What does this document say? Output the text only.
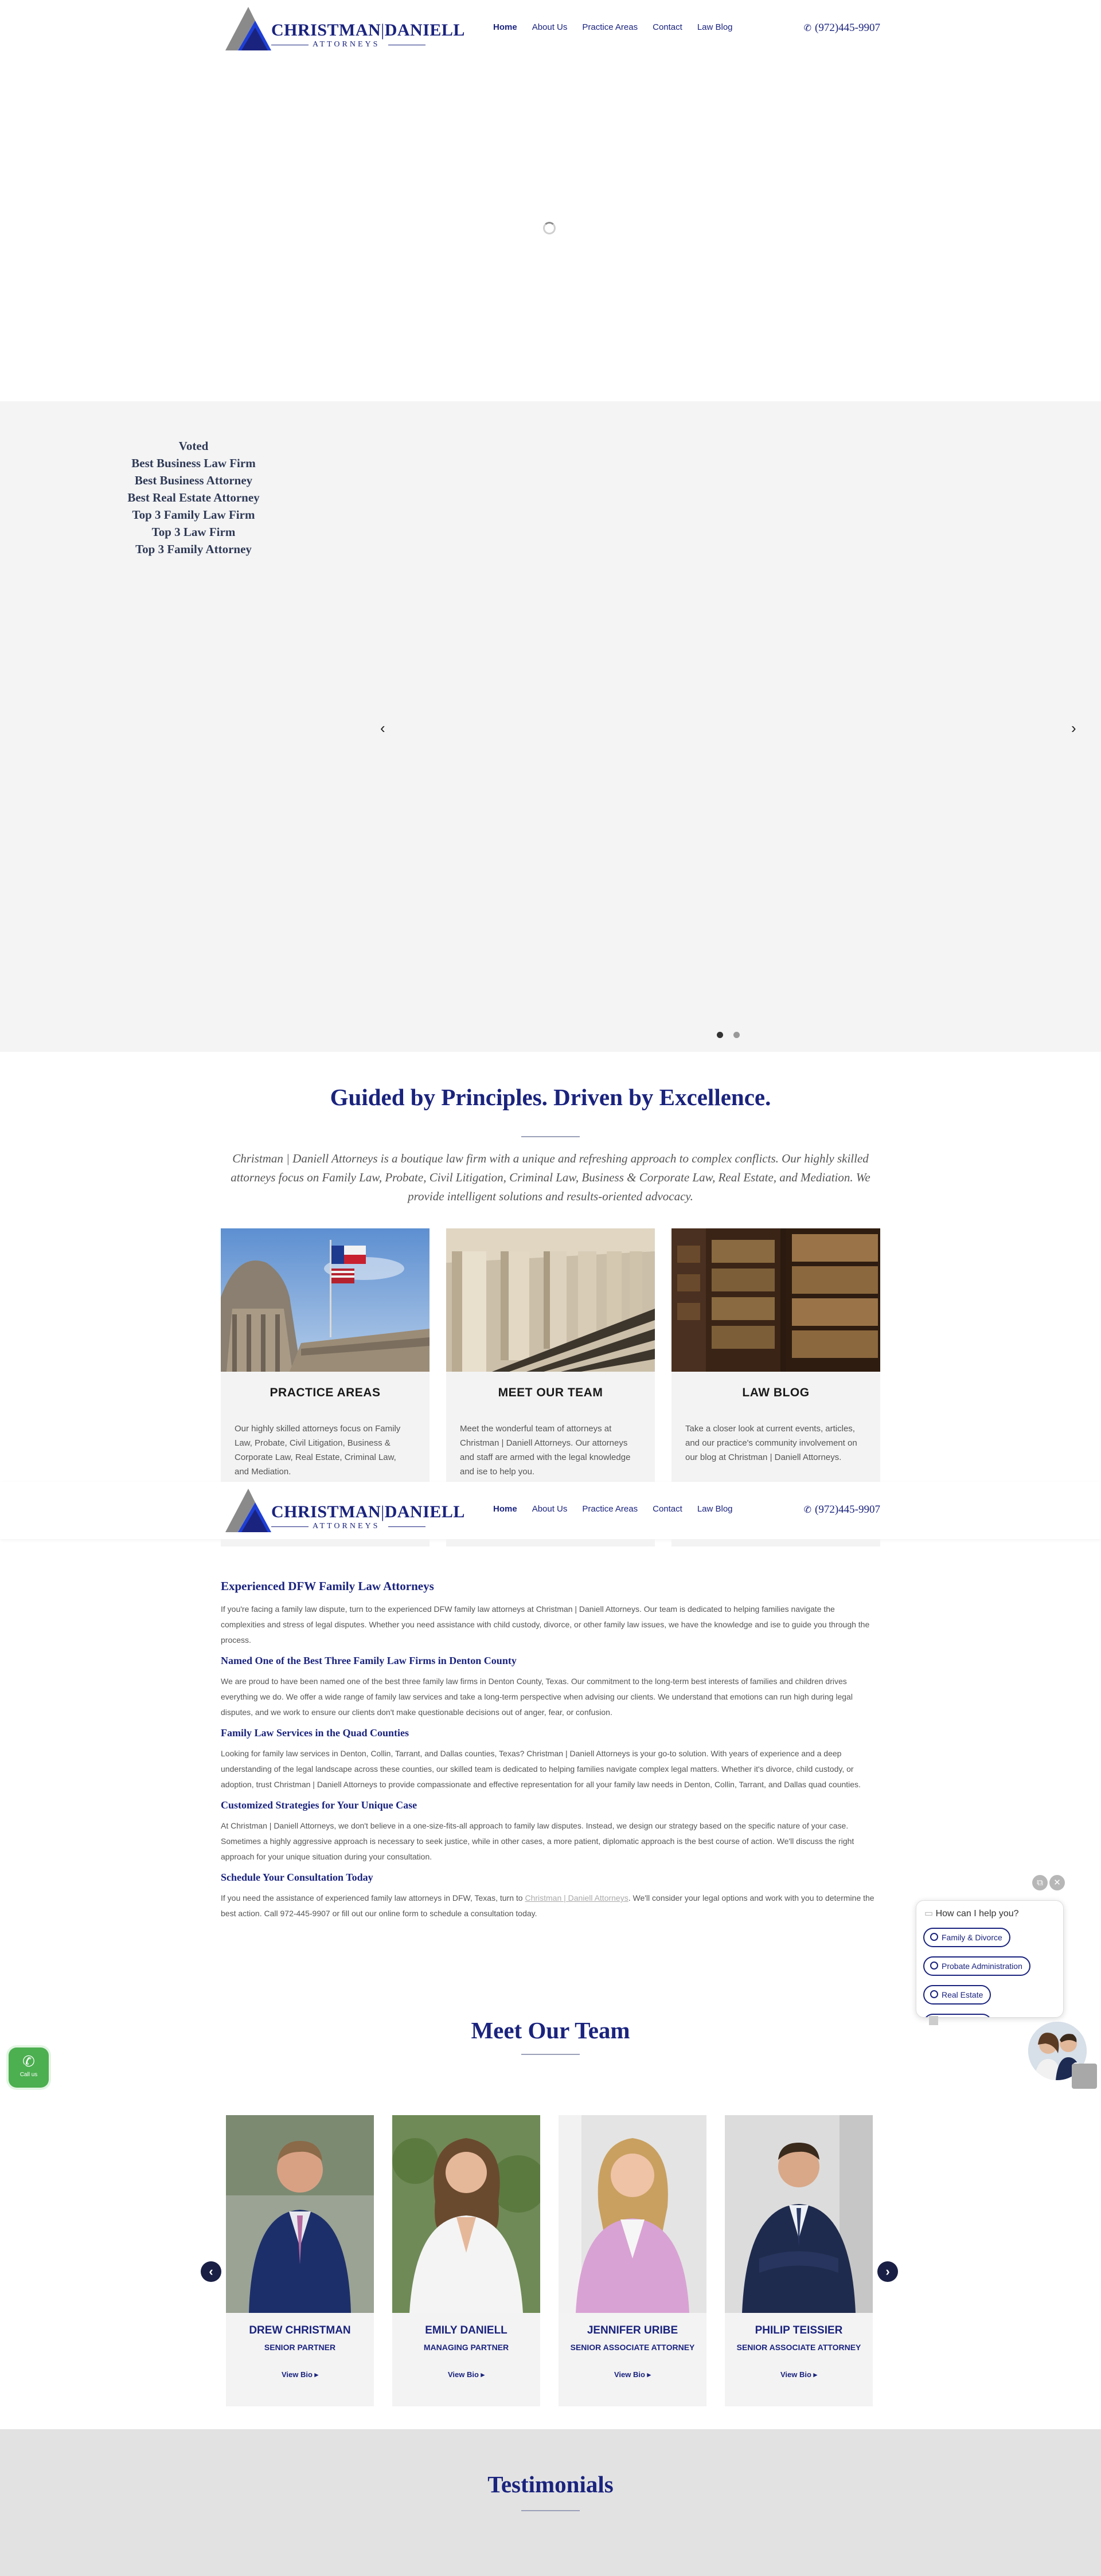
CHRISTMAN|DANIELL
ATTORNEYS
Home About Us Practice Areas Contact Law Blog	✆ (972)445-9907
Voted
Best Business Law Firm
Best Business Attorney
Best Real Estate Attorney
Top 3 Family Law Firm
Top 3 Law Firm
Top 3 Family Attorney
‹	›
Guided by Principles. Driven by Excellence.
Christman | Daniell Attorneys is a boutique law firm with a unique and refreshing approach to complex conflicts. Our highly skilled attorneys focus on Family Law, Probate, Civil Litigation, Criminal Law, Business & Corporate Law, Real Estate, and Mediation. We provide intelligent solutions and results-oriented advocacy.
PRACTICE AREAS
Our highly skilled attorneys focus on Family Law, Probate, Civil Litigation, Business & Corporate Law, Real Estate, Criminal Law, and Mediation.
MEET OUR TEAM
Meet the wonderful team of attorneys at Christman | Daniell Attorneys. Our attorneys and staff are armed with the legal knowledge and ise to help you.
LAW BLOG
Take a closer look at current events, articles, and our practice's community involvement on our blog at Christman | Daniell Attorneys.
CHRISTMAN|DANIELL
ATTORNEYS
Home About Us Practice Areas Contact Law Blog	✆ (972)445-9907
Experienced DFW Family Law Attorneys

If you're facing a family law dispute, turn to the experienced DFW family law attorneys at Christman | Daniell Attorneys. Our team is dedicated to helping families navigate the complexities and stress of legal disputes. Whether you need assistance with child custody, divorce, or other family law issues, we have the knowledge and ise to guide you through the process.

Named One of the Best Three Family Law Firms in Denton County

We are proud to have been named one of the best three family law firms in Denton County, Texas. Our commitment to the long-term best interests of families and children drives everything we do. We offer a wide range of family law services and take a long-term perspective when advising our clients. We understand that emotions can run high during legal disputes, and we work to ensure our clients don't make questionable decisions out of anger, fear, or confusion.

Family Law Services in the Quad Counties

Looking for family law services in Denton, Collin, Tarrant, and Dallas counties, Texas? Christman | Daniell Attorneys is your go-to solution. With years of experience and a deep understanding of the legal landscape across these counties, our skilled team is dedicated to helping families navigate complex legal matters. Whether it's divorce, child custody, or adoption, trust Christman | Daniell Attorneys to provide compassionate and effective representation for all your family law needs in Denton, Collin, Tarrant, and Dallas quad counties.

Customized Strategies for Your Unique Case

At Christman | Daniell Attorneys, we don't believe in a one-size-fits-all approach to family law disputes. Instead, we design our strategy based on the specific nature of your case. Sometimes a highly aggressive approach is necessary to seek justice, while in other cases, a more patient, diplomatic approach is the best course of action. We'll discuss the right approach for your unique situation during your consultation.

Schedule Your Consultation Today

If you need the assistance of experienced family law attorneys in DFW, Texas, turn to Christman | Daniell Attorneys. We'll consider your legal options and work with you to determine the best action. Call 972-445-9907 or fill out our online form to schedule a consultation today.

⧉	✕
▭ How can I help you?
Family & Divorce
Probate Administration
Real Estate
✆
Call us
Meet Our Team
‹	›
DREW CHRISTMAN
SENIOR PARTNER
View Bio ▸
EMILY DANIELL
MANAGING PARTNER
View Bio ▸
JENNIFER URIBE
SENIOR ASSOCIATE ATTORNEY
View Bio ▸
PHILIP TEISSIER
SENIOR ASSOCIATE ATTORNEY
View Bio ▸
Testimonials
